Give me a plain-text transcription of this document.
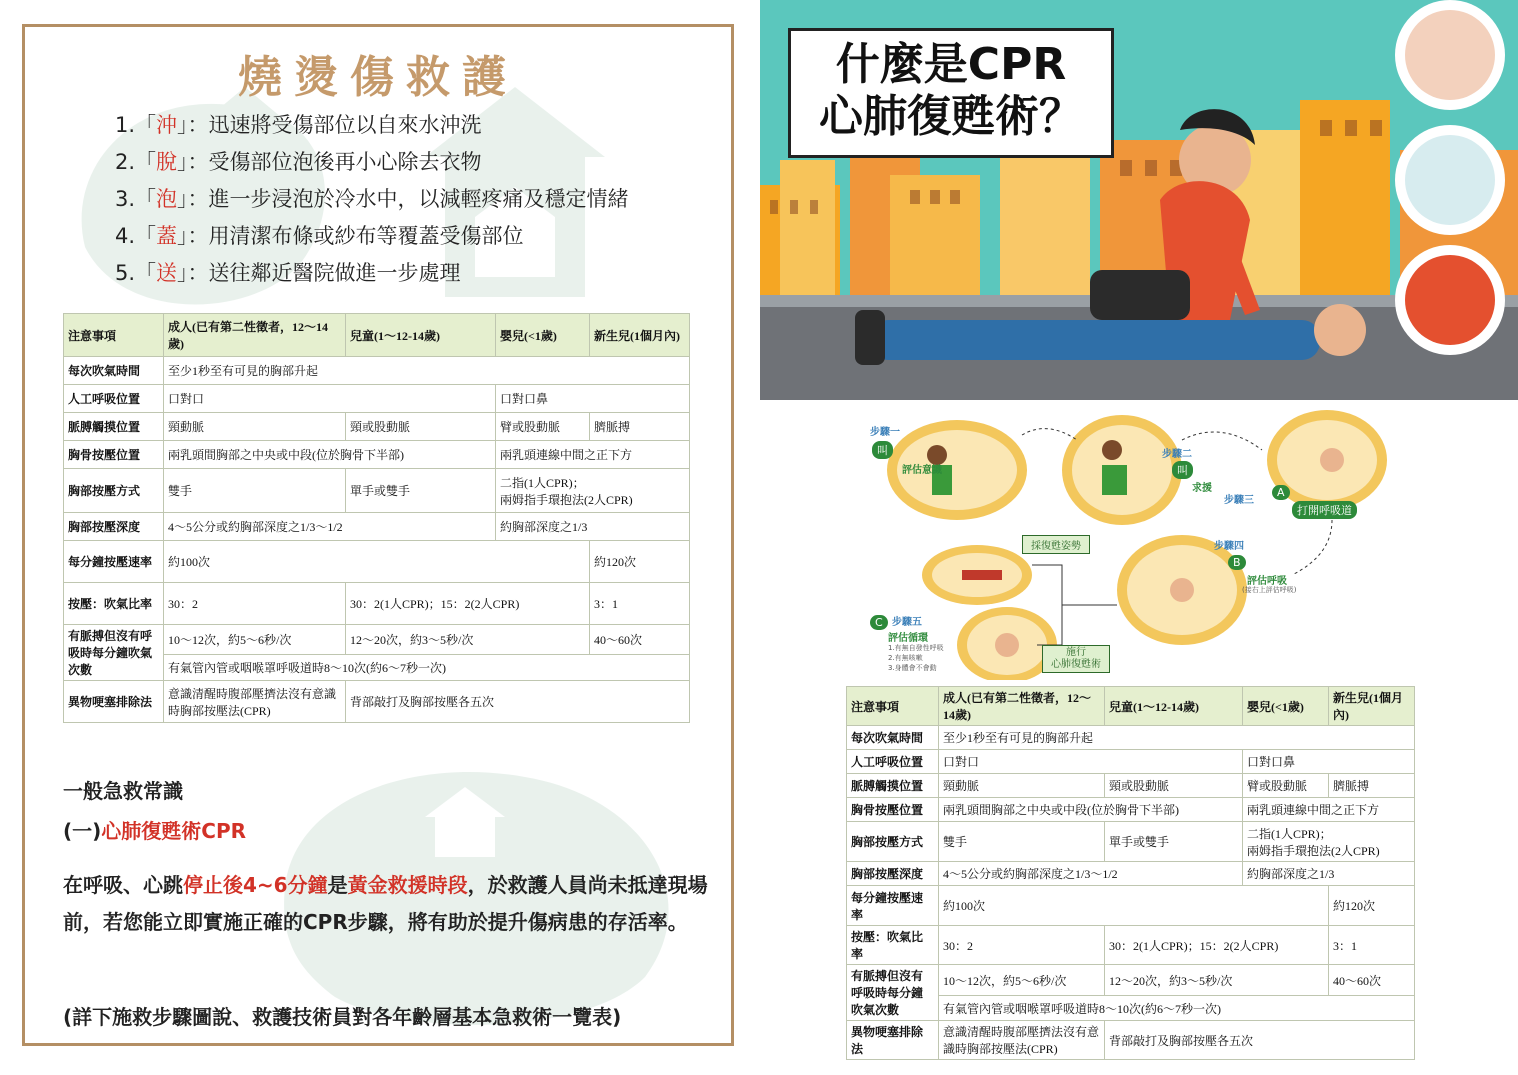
燒燙傷救護
1.「沖」：迅速將受傷部位以自來水沖洗
2.「脫」：受傷部位泡後再小心除去衣物
3.「泡」：進一步浸泡於冷水中，以減輕疼痛及穩定情緒
4.「蓋」：用清潔布條或紗布等覆蓋受傷部位
5.「送」：送往鄰近醫院做進一步處理
注意事項	成人(已有第二性徵者，12～14歲)	兒童(1～12-14歲)	嬰兒(<1歲)	新生兒(1個月內)
每次吹氣時間	至少1秒至有可見的胸部升起			
人工呼吸位置	口對口		口對口鼻	
脈膊觸摸位置	頸動脈	頸或股動脈	臂或股動脈	臍脈搏
胸骨按壓位置	兩乳頭間胸部之中央或中段(位於胸骨下半部)		兩乳頭連線中間之正下方	
胸部按壓方式	雙手	單手或雙手	二指(1人CPR)；
兩姆指手環抱法(2人CPR)	

胸部按壓深度	4～5公分或約胸部深度之1/3～1/2		約胸部深度之1/3	
每分鐘按壓速率	約100次			約120次
按壓：吹氣比率	30：2	30：2(1人CPR)；15：2(2人CPR)		3：1
有脈搏但沒有呼吸時每分鐘吹氣次數	10～12次，約5～6秒/次	12～20次，約3～5秒/次		40～60次
	有氣管內管或咽喉罩呼吸道時8～10次(約6～7秒一次)			
異物哽塞排除法	意識清醒時腹部壓擠法沒有意識時胸部按壓法(CPR)	背部敲打及胸部按壓各五次		

一般急救常識

(一)心肺復甦術CPR

在呼吸、心跳停止後4~6分鐘是黃金救援時段，於救護人員尚未抵達現場前，若您能立即實施正確的CPR步驟，將有助於提升傷病患的存活率。

(詳下施救步驟圖說、救護技術員對各年齡層基本急救術一覽表)

什麼是CPR
心肺復甦術？
步驟一
叫
評估意識
步驟二
叫
求援
步驟三
A
打開呼吸道
採復甦姿勢	步驟四
B
評估呼吸
(接右上評估呼吸)
C 步驟五
評估循環
1.有無自發性呼吸
2.有無咳嗽
3.身體會不會動
施行
心肺復甦術
注意事項	成人(已有第二性徵者，12～14歲)	兒童(1～12-14歲)	嬰兒(<1歲)	新生兒(1個月內)
每次吹氣時間	至少1秒至有可見的胸部升起			
人工呼吸位置	口對口		口對口鼻	
脈膊觸摸位置	頸動脈	頸或股動脈	臂或股動脈	臍脈搏
胸骨按壓位置	兩乳頭間胸部之中央或中段(位於胸骨下半部)		兩乳頭連線中間之正下方	
胸部按壓方式	雙手	單手或雙手	二指(1人CPR)；
兩姆指手環抱法(2人CPR)	

胸部按壓深度	4～5公分或約胸部深度之1/3～1/2		約胸部深度之1/3	
每分鐘按壓速率	約100次			約120次
按壓：吹氣比率	30：2	30：2(1人CPR)；15：2(2人CPR)		3：1
有脈搏但沒有呼吸時每分鐘吹氣次數	10～12次，約5～6秒/次	12～20次，約3～5秒/次		40～60次
	有氣管內管或咽喉罩呼吸道時8～10次(約6～7秒一次)			
異物哽塞排除法	意識清醒時腹部壓擠法沒有意識時胸部按壓法(CPR)	背部敲打及胸部按壓各五次		
